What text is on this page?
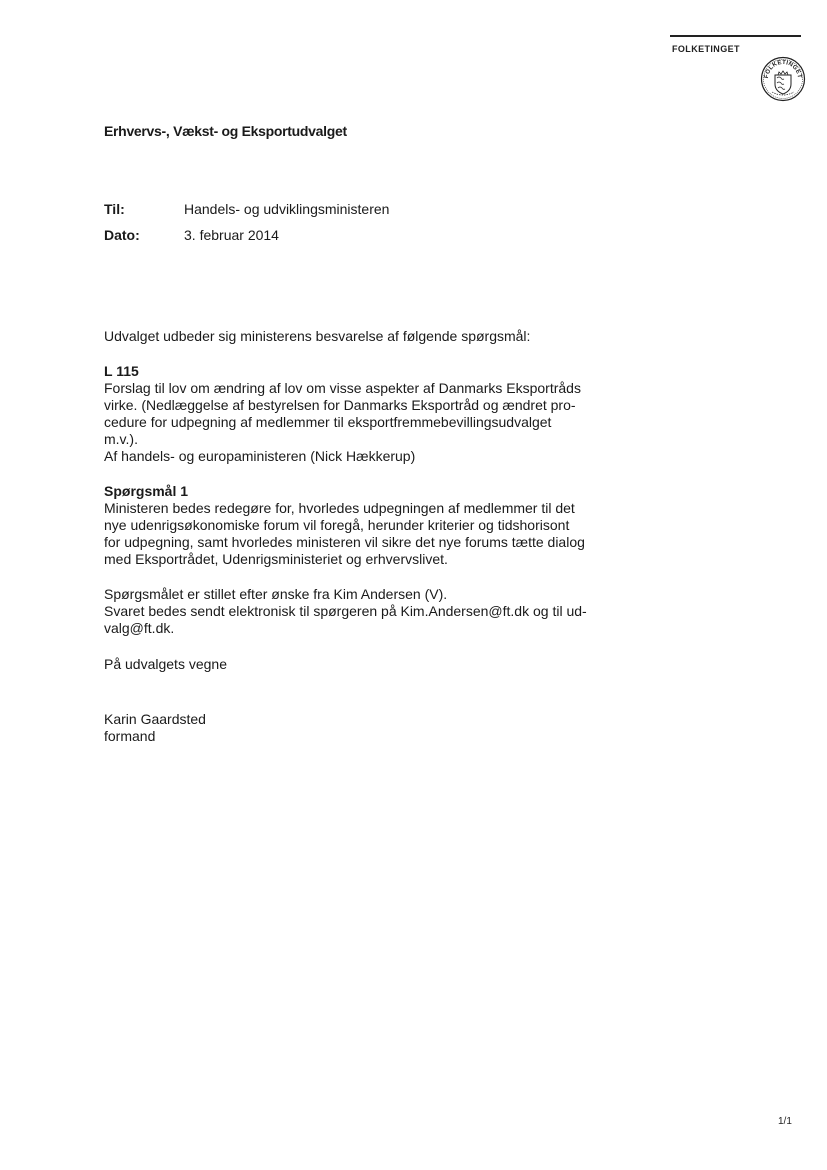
FOLKETINGET
FOLKETINGET
Erhvervs-, Vækst- og Eksportudvalget
Til:	Handels- og udviklingsministeren
Dato:	3. februar 2014
Udvalget udbeder sig ministerens besvarelse af følgende spørgsmål:
L 115
Forslag til lov om ændring af lov om visse aspekter af Danmarks Eksportråds
virke. (Nedlæggelse af bestyrelsen for Danmarks Eksportråd og ændret pro-
cedure for udpegning af medlemmer til eksportfremmebevillingsudvalget
m.v.).
Af handels- og europaministeren (Nick Hækkerup)
Spørgsmål 1
Ministeren bedes redegøre for, hvorledes udpegningen af medlemmer til det
nye udenrigsøkonomiske forum vil foregå, herunder kriterier og tidshorisont
for udpegning, samt hvorledes ministeren vil sikre det nye forums tætte dialog
med Eksportrådet, Udenrigsministeriet og erhvervslivet.
Spørgsmålet er stillet efter ønske fra Kim Andersen (V).
Svaret bedes sendt elektronisk til spørgeren på Kim.Andersen@ft.dk og til ud-
valg@ft.dk.
På udvalgets vegne
Karin Gaardsted
formand
1/1
